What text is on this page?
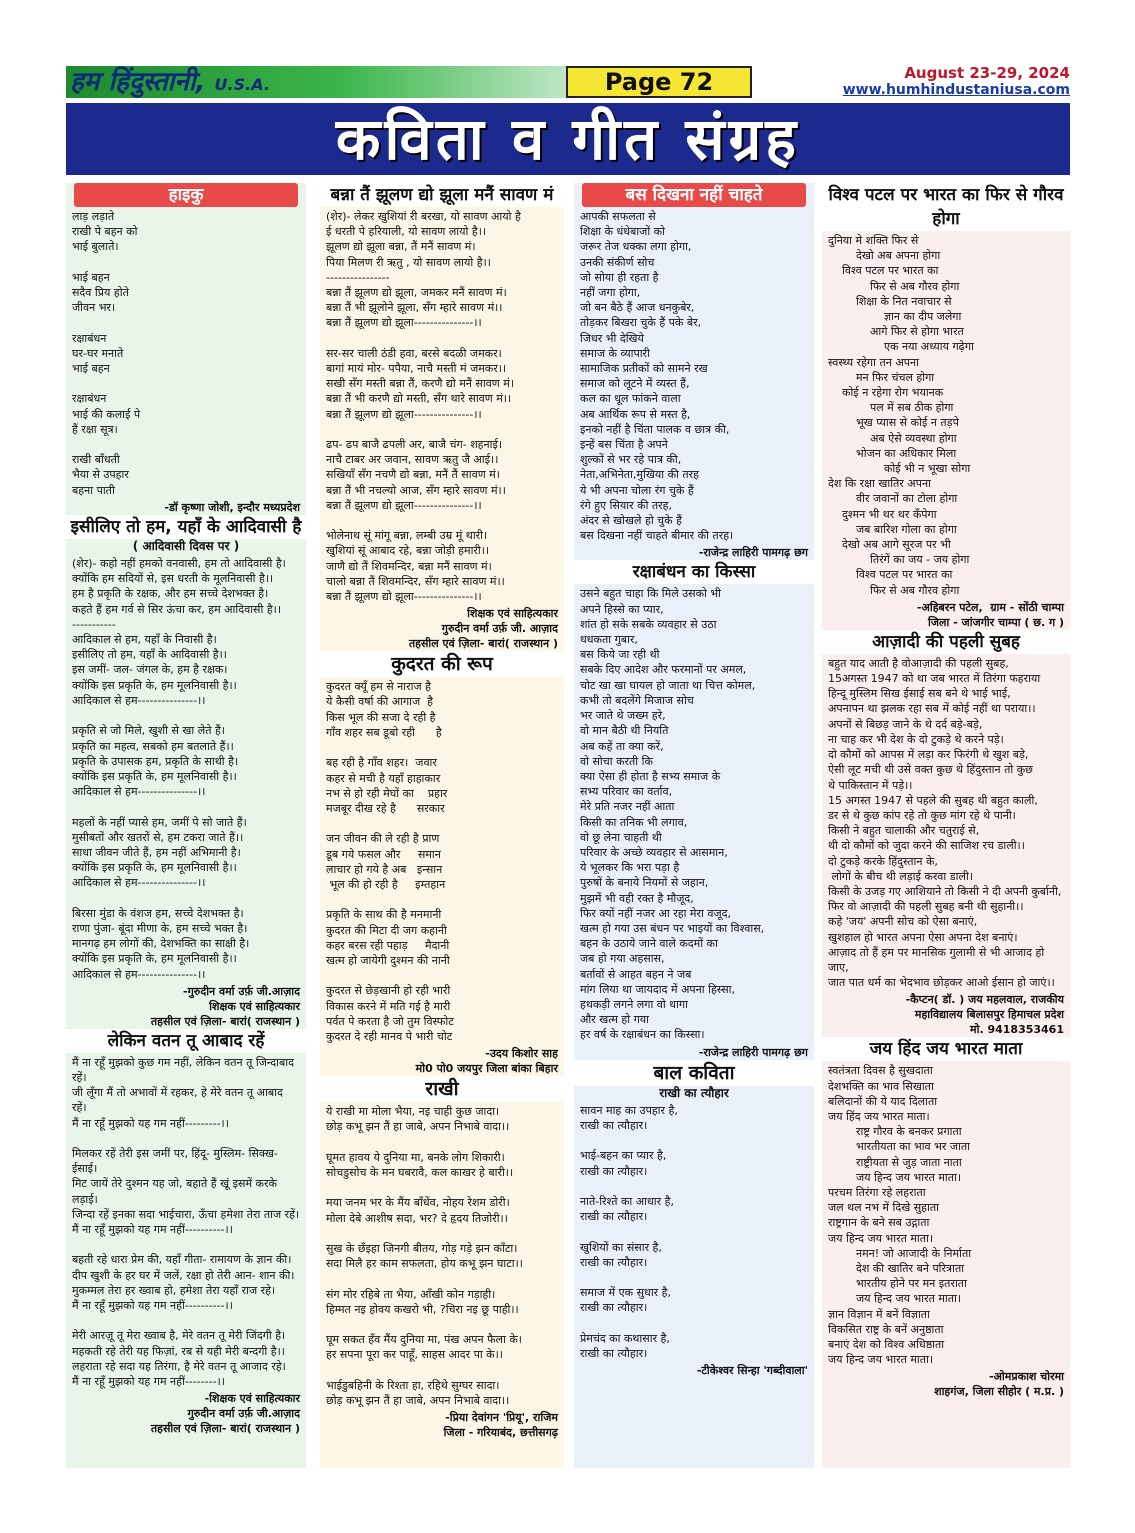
हम हिंदुस्तानी, U.S.A.	Page 72	August 23-29, 2024
www.humhindustaniusa.com
कविता व गीत संग्रह
हाइकु
लाड़ लड़ाते
राखी पे बहन को
भाई बुलाते।

भाई बहन
सदैव प्रिय होते
जीवन भर।

रक्षाबंधन
घर-घर मनाते
भाई बहन

रक्षाबंधन
भाई की कलाई पे
हैं रक्षा सूत्र।

राखी बाँधती
भैया से उपहार
बहना पाती
-डॉ कृष्णा जोशी, इन्दौर मध्यप्रदेश
इसीलिए तो हम, यहाँ के आदिवासी है
( आदिवासी दिवस पर )
(शेर)- कहो नहीं हमको वनवासी, हम तो आदिवासी है।
क्योंकि हम सदियों से, इस धरती के मूलनिवासी है।।
हम है प्रकृति के रक्षक, और हम सच्चे देशभक्त है।
कहते हैं हम गर्व से सिर ऊंचा कर, हम आदिवासी है।।
-----------
आदिकाल से हम, यहाँ के निवासी है।
इसीलिए तो हम, यहाँ के आदिवासी है।।
इस जमीं- जल- जंगल के, हम है रक्षक।
क्योंकि इस प्रकृति के, हम मूलनिवासी है।।
आदिकाल से हम---------------।।

प्रकृति से जो मिले, खुशी से खा लेते हैं।
प्रकृति का महत्व, सबको हम बतलाते हैं।।
प्रकृति के उपासक हम, प्रकृति के साथी है।
क्योंकि इस प्रकृति के, हम मूलनिवासी है।।
आदिकाल से हम---------------।।

महलों के नहीं प्यासे हम, जमीं पे सो जाते हैं।
मुसीबतों और खतरों से, हम टकरा जाते हैं।।
साधा जीवन जीते हैं, हम नहीं अभिमानी है।
क्योंकि इस प्रकृति के, हम मूलनिवासी है।।
आदिकाल से हम---------------।।

बिरसा मुंडा के वंशज हम, सच्चे देशभक्त है।
राणा पुंजा- बूंदा मीणा के, हम सच्चे भक्त है।
मानगढ़ हम लोगों की, देशभक्ति का साक्षी है।
क्योंकि इस प्रकृति के, हम मूलनिवासी है।।
आदिकाल से हम---------------।।
-गुरुदीन वर्मा उर्फ़ जी.आज़ाद
शिक्षक एवं साहित्यकार
तहसील एवं ज़िला- बारां( राजस्थान )
लेकिन वतन तू आबाद रहें
मैं ना रहूँ मुझको कुछ गम नहीं, लेकिन वतन तू जिन्दाबाद रहें।
जी लूँगा मैं तो अभावों में रहकर, हे मेरे वतन तू आबाद रहें।
मैं ना रहूँ मुझको यह गम नहीं---------।।

मिलकर रहें तेरी इस जमीं पर, हिंदू- मुस्लिम- सिक्ख- ईसाई।
मिट जायें तेरे दुश्मन यह जो, बहाते हैं खूं इसमें करके लड़ाई।
जिन्दा रहें इनका सदा भाईचारा, ऊँचा हमेशा तेरा ताज रहें।
मैं ना रहूँ मुझको यह गम नहीं----------।।

बहती रहे धारा प्रेम की, यहाँ गीता- रामायण के ज्ञान की।
दीप खुशी के हर घर में जलें, रक्षा हो तेरी आन- शान की।
मुकम्मल तेरा हर ख्वाब हो, हमेशा तेरा यहाँ राज रहे।
मैं ना रहूँ मुझको यह गम नहीं----------।।

मेरी आरज़ू तू मेरा ख्वाब है, मेरे वतन तू मेरी जिंदगी है।
महकती रहे तेरी यह फिज़ां, रब से यही मेरी बन्दगी है।।
लहराता रहे सदा यह तिरंगा, है मेरे वतन तू आजाद रहे।
मैं ना रहूँ मुझको यह गम नहीं--------।।
-शिक्षक एवं साहित्यकार
गुरुदीन वर्मा उर्फ़ जी.आज़ाद
तहसील एवं ज़िला- बारां( राजस्थान )
बन्ना तैं झूलण द्यो झूला मनैं सावण मं
(शेर)- लेकर खुशियां री बरखा, यो सावण आयो है
ई धरती पे हरियाली, यो सावण लायो है।।
झूलण द्यो झूला बन्ना, तैं मनैं सावण मं।
पिया मिलण री ऋतु , यो सावण लायो है।।
----------------
बन्ना तैं झूलण द्यो झूला, जमकर मनैं सावण मं।
बन्ना तैं भी झूलोने झूला, सँग म्हारे सावण मं।।
बन्ना तैं झूलण द्यो झूला---------------।।

सर-सर चाली ठंडी हवा, बरसे बदळी जमकर।
बागां मायं मोर- पपैया, नाचै मस्ती मं जमकर।।
सखी सँग मस्ती बन्ना तैं, करणै द्यो मनैं सावण मं।
बन्ना तैं भी करणै द्यो मस्ती, सँग थारे सावण मं।।
बन्ना तैं झूलण द्यो झूला---------------।।

ढप- ढप बाजै ढपली अर, बाजै चंग- शहनाई।
नाचै टाबर अर जवान, सावण ऋतु जै आई।।
सखियाँ सँग नचणै द्यो बन्ना, मनैं तैं सावण मं।
बन्ना तैं भी नचल्यो आज, सँग म्हारे सावण मं।।
बन्ना तैं झूलण द्यो झूला---------------।।

भोलेनाथ सूं मांगू बन्ना, लम्बी उम्र मूं थारी।
खुशियां सूं आबाद रहे, बन्ना जोड़ी हमारी।।
जाणै द्यो तैं शिवमन्दिर, बन्ना मनैं सावण मं।
चालो बन्ना तैं शिवमन्दिर, सँग म्हारे सावण मं।।
बन्ना तैं झूलण द्यो झूला---------------।।
शिक्षक एवं साहित्यकार
गुरुदीन वर्मा उर्फ़ जी. आज़ाद
तहसील एवं ज़िला- बारां( राजस्थान )
कुदरत की रूप
कुदरत क्यूँ हम से नाराज है
ये कैसी वर्षा की आगाज  है
किस भूल की सजा दे रही है
गाँव शहर सब डूबो रही      है

बह रही है गाँव शहर।  जवार
कहर से मची है यहाँ हाहाकार
नभ से हो रही मेघों का    प्रहार
मजबूर दीख रहे है      सरकार

जन जीवन की ले रही है प्राण
डूब गये फसल और     समान
लाचार हो गये है अब   इन्सान
भूल की हो रही है     इम्तहान

प्रकृति के साथ की है मनमानी
कुदरत की मिटा दी जग कहानी
कहर बरस रही पहाड़     मैदानी
खत्म हो जायेगी दुश्मन की नानी

कुदरत से छेड़खानी हो रही भारी
विकास करने में मति गई है मारी
पर्वत पे करता है जो तुम विस्फोट
कुदरत दे रही मानव पे भारी चोट
-उदय किशोर साह
मो0 पो0 जयपुर जिला बांका बिहार
राखी
ये राखी मा मोला भैया, नइ चाही कुछ जादा।
छोड़ कभू झन तैं हा जाबे, अपन निभाबे वादा।।

घूमत हावय ये दुनिया मा, बनके लोग शिकारी।
सोचडुसोच के मन घबरावै, कल काखर हे बारी।।

मया जनम भर के मैंय बाँधेंव, नोहय रेशम डोरी।
मोला देबे आशीष सदा, भर? दे हृदय तिजोरी।।

सुख के छँइहा जिनगी बीतय, गोड़ गड़े झन काँटा।
सदा मिलै हर काम सफलता, होय कभू झन घाटा।।

संग मोर रहिबे ता भैया, आँखी कोन गड़ाही।
हिम्मत नइ होवय कखरो भी, ?चिरा नइ छू पाही।।

घूम सकत हँव मैंय दुनिया मा, पंख अपन फैला के।
हर सपना पूरा कर पाहूँ, साहस आदर पा के।।

भाईडुबहिनी के रिश्ता हा, रहिथे सुग्घर सादा।
छोड़ कभू झन तैं हा जाबे, अपन निभाबे वादा।।
-प्रिया देवांगन 'प्रियू', राजिम
जिला - गरियाबंद, छत्तीसगढ़
बस दिखना नहीं चाहते
आपकी सफलता से
शिक्षा के धंधेबाजों को
जरूर तेज धक्का लगा होगा,
उनकी संकीर्ण सोच
जो सोया ही रहता है
नहीं जगा होगा,
जो बन बैठे हैं आज धनकुबेर,
तोड़कर बिखरा चुके हैं पके बेर,
जिधर भी देखिये
समाज के व्यापारी
सामाजिक प्रतीकों को सामने रख
समाज को लूटने में व्यस्त हैं,
कल का धूल फांकने वाला
अब आर्थिक रूप से मस्त है,
इनको नहीं है चिंता पालक व छात्र की,
इन्हें बस चिंता है अपने
शुल्कों से भर रहे पात्र की,
नेता,अभिनेता,मुखिया की तरह
ये भी अपना चोला रंग चुके हैं
रंगे हुए सियार की तरह,
अंदर से खोखले हो चुके हैं
बस दिखना नहीं चाहते बीमार की तरह।
-राजेन्द्र लाहिरी पामगढ़ छग
रक्षाबंधन का किस्सा
उसने बहुत चाहा कि मिले उसको भी
अपने हिस्से का प्यार,
शांत हो सके सबके व्यवहार से उठा
धधकता गुबार,
बस किये जा रही थी
सबके दिए आदेश और फरमानों पर अमल,
चोट खा खा घायल हो जाता था चित्त कोमल,
कभी तो बदलेंगे मिजाज सोच
भर जाते थे जख्म हरे,
वो मान बैठी थी नियति
अब कहें ता क्या करें,
वो सोचा करती कि
क्या ऐसा ही होता है सभ्य समाज के
सभ्य परिवार का वर्ताव,
मेरे प्रति नजर नहीं आता
किसी का तनिक भी लगाव,
वो छू लेना चाहती थी
परिवार के अच्छे व्यवहार से आसमान,
ये भूलकर कि भरा पड़ा है
पुरुषों के बनाये नियमों से जहान,
मुझमें भी वही रक्त है मौजूद,
फिर क्यों नहीं नजर आ रहा मेरा वजूद,
खत्म हो गया उस बंधन पर भाइयों का विश्वास,
बहन के उठाये जाने वाले कदमों का
जब हो गया अहसास,
बर्तावों से आहत बहन ने जब
मांग लिया था जायदाद में अपना हिस्सा,
हथकड़ी लगने लगा वो धागा
और खत्म हो गया
हर वर्ष के रक्षाबंधन का किस्सा।
-राजेन्द्र लाहिरी पामगढ़ छग
बाल कविता
राखी का त्यौहार
सावन माह का उपहार है,
राखी का त्यौहार।

भाई-बहन का प्यार है,
राखी का त्यौहार।

नाते-रिश्ते का आधार है,
राखी का त्यौहार।

खुशियों का संसार है,
राखी का त्यौहार।

समाज में एक सुधार है,
राखी का त्यौहार।

प्रेमचंद का कथासार है,
राखी का त्यौहार।
-टीकेश्वर सिन्हा 'गब्दीवाला'
विश्व पटल पर भारत का फिर से गौरव होगा
दुनिया मे शक्ति फिर से
देखो अब अपना होगा
विश्व पटल पर भारत का
फिर से अब गौरव होगा
शिक्षा के नित नवाचार से
ज्ञान का दीप जलेगा
आगे फिर से होगा भारत
एक नया अध्याय गढ़ेगा
स्वस्थ्य रहेगा तन अपना
मन फिर चंचल होगा
कोई न रहेगा रोग भयानक
पल में सब ठीक होगा
भूख प्यास से कोई न तड़पे
अब ऐसे व्यवस्था होगा
भोजन का अधिकार मिला
कोई भी न भूखा सोगा
देश कि रक्षा खातिर अपना
वीर जवानों का टोला होगा
दुश्मन भी थर थर कँपेगा
जब बारिश गोला का होगा
देखो अब आगे सूरज पर भी
तिरंगें का जय - जय होगा
विश्व पटल पर भारत का
फिर से अब गौरव होगा
-अहिबरन पटेल,  ग्राम - सोंठी चाम्पा
जिला - जांजगीर चाम्पा ( छ. ग )
आज़ादी की पहली सुबह
बहुत याद आती है वोआज़ादी की पहली सुबह,
15अगस्त 1947 को था जब भारत में तिरंगा फहराया
हिन्दू मुस्लिम सिख ईसाई सब बने थे भाई भाई,
अपनापन था झलक रहा सब में कोई नहीं था पराया।।
अपनों से बिछड़ जाने के थे दर्द बड़े-बड़े,
ना चाह कर भी देश के दो टुकड़े थे करने पड़े।
दो कौमों को आपस में लड़ा कर फिरंगी थे खुश बड़े,
ऐसी लूट मची थी उसे वक्त कुछ थे हिंदुस्तान तो कुछ
थे पाकिस्तान में पड़े।।
15 अगस्त 1947 से पहले की सुबह थी बहुत काली,
डर से थे कुछ कांप रहे तो कुछ मांग रहे थे पानी।
किसी ने बहुत चालाकी और चतुराई से,
थी दो कौमों को जुदा करने की साजिश रच डाली।।
दो टुकड़े करके हिंदुस्तान के,
लोगों के बीच थी लड़ाई करवा डाली।
किसी के उजड़ गए आशियाने तो किसी ने दी अपनी कुर्बानी,
फिर वो आज़ादी की पहली सुबह बनी थी सुहानी।।
कहे 'जय' अपनी सोच को ऐसा बनाएं,
खुशहाल हो भारत अपना ऐसा अपना देश बनाएं।
आज़ाद तो हैं हम पर मानसिक गुलामी से भी आजाद हो जाए,
जात पात धर्म का भेदभाव छोड़कर आओ ईसान हो जाएं।।
-कैप्टन( डॉ. ) जय महलवाल, राजकीय
महाविद्यालय बिलासपुर हिमाचल प्रदेश
मो. 9418353461
जय हिंद जय भारत माता
स्वतंत्रता दिवस है सुखदाता
देशभक्ति का भाव सिखाता
बलिदानों की ये याद दिलाता
जय हिंद जय भारत माता।
राष्ट्र गौरव के बनकर प्रगाता
भारतीयता का भाव भर जाता
राष्ट्रीयता से जुड़ जाता नाता
जय हिन्द जय भारत माता।
परचम तिरंगा रहे लहराता
जल थल नभ में दिखे सुहाता
राष्ट्रगान के बने सब उद्गाता
जय हिन्द जय भारत माता।
नमन! जो आजादी के निर्माता
देश की खातिर बने परित्राता
भारतीय होने पर मन इतराता
जय हिन्द जय भारत माता।
ज्ञान विज्ञान में बनें विज्ञाता
विकसित राष्ट्र के बनें अनुष्ठाता
बनाएं देश को विश्व अधिष्ठाता
जय हिन्द जय भारत माता।
-ओमप्रकाश चोरमा
शाहगंज, जिला सीहोर ( म.प्र. )
